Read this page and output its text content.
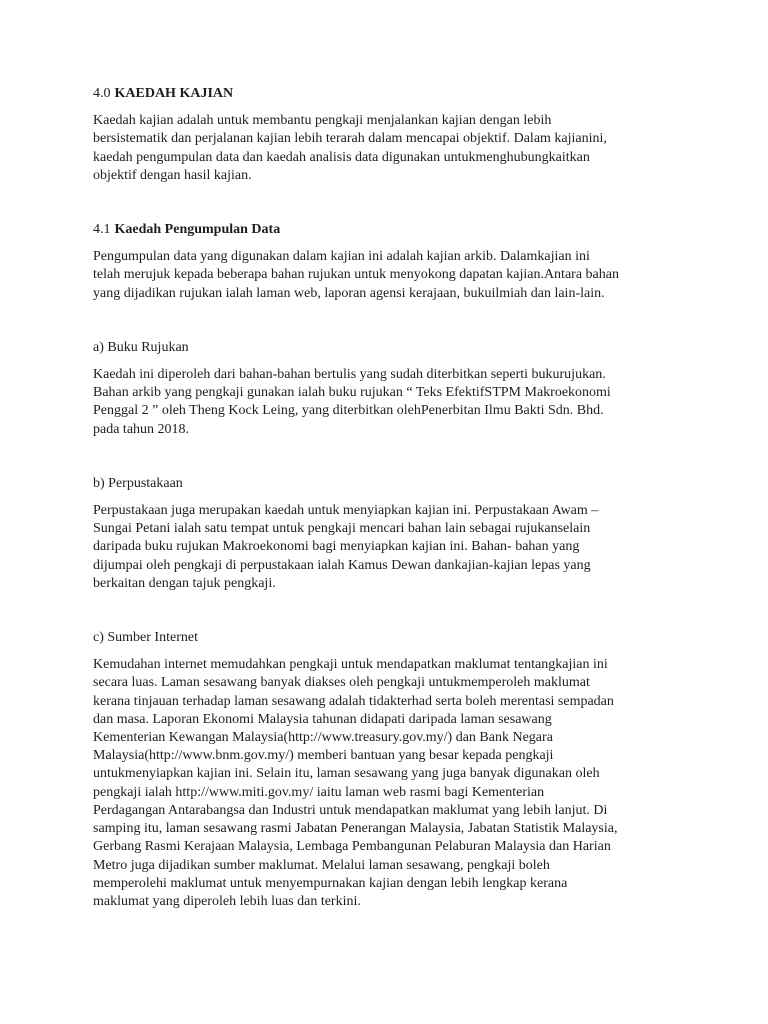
4.0 KAEDAH KAJIAN

Kaedah kajian adalah untuk membantu pengkaji menjalankan kajian dengan lebih
bersistematik dan perjalanan kajian lebih terarah dalam mencapai objektif. Dalam kajianini,
kaedah pengumpulan data dan kaedah analisis data digunakan untukmenghubungkaitkan
objektif dengan hasil kajian.

4.1 Kaedah Pengumpulan Data

Pengumpulan data yang digunakan dalam kajian ini adalah kajian arkib. Dalamkajian ini
telah merujuk kepada beberapa bahan rujukan untuk menyokong dapatan kajian.Antara bahan
yang dijadikan rujukan ialah laman web, laporan agensi kerajaan, bukuilmiah dan lain-lain.

a) Buku Rujukan

Kaedah ini diperoleh dari bahan-bahan bertulis yang sudah diterbitkan seperti bukurujukan.
Bahan arkib yang pengkaji gunakan ialah buku rujukan “ Teks EfektifSTPM Makroekonomi
Penggal 2 ” oleh Theng Kock Leing, yang diterbitkan olehPenerbitan Ilmu Bakti Sdn. Bhd.
pada tahun 2018.

b) Perpustakaan

Perpustakaan juga merupakan kaedah untuk menyiapkan kajian ini. Perpustakaan Awam –
Sungai Petani ialah satu tempat untuk pengkaji mencari bahan lain sebagai rujukanselain
daripada buku rujukan Makroekonomi bagi menyiapkan kajian ini. Bahan- bahan yang
dijumpai oleh pengkaji di perpustakaan ialah Kamus Dewan dankajian-kajian lepas yang
berkaitan dengan tajuk pengkaji.

c) Sumber Internet

Kemudahan internet memudahkan pengkaji untuk mendapatkan maklumat tentangkajian ini
secara luas. Laman sesawang banyak diakses oleh pengkaji untukmemperoleh maklumat
kerana tinjauan terhadap laman sesawang adalah tidakterhad serta boleh merentasi sempadan
dan masa. Laporan Ekonomi Malaysia tahunan didapati daripada laman sesawang
Kementerian Kewangan Malaysia(http://www.treasury.gov.my/) dan Bank Negara
Malaysia(http://www.bnm.gov.my/) memberi bantuan yang besar kepada pengkaji
untukmenyiapkan kajian ini. Selain itu, laman sesawang yang juga banyak digunakan oleh
pengkaji ialah http://www.miti.gov.my/ iaitu laman web rasmi bagi Kementerian
Perdagangan Antarabangsa dan Industri untuk mendapatkan maklumat yang lebih lanjut. Di
samping itu, laman sesawang rasmi Jabatan Penerangan Malaysia, Jabatan Statistik Malaysia,
Gerbang Rasmi Kerajaan Malaysia, Lembaga Pembangunan Pelaburan Malaysia dan Harian
Metro juga dijadikan sumber maklumat. Melalui laman sesawang, pengkaji boleh
memperolehi maklumat untuk menyempurnakan kajian dengan lebih lengkap kerana
maklumat yang diperoleh lebih luas dan terkini.
